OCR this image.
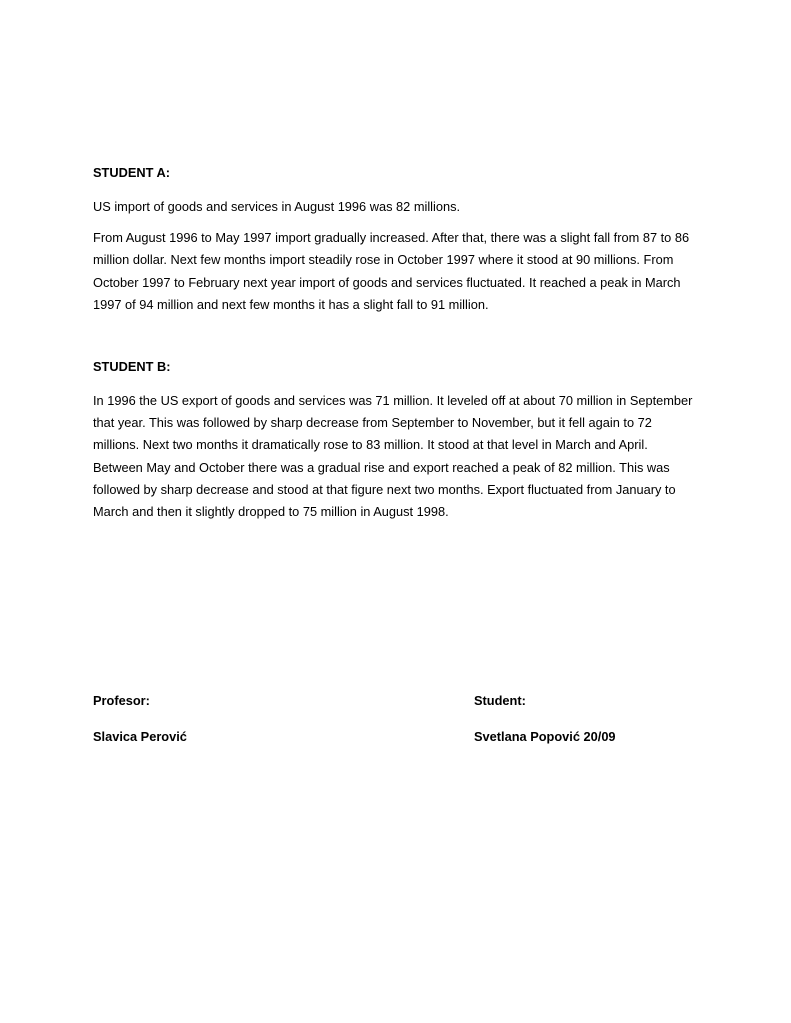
STUDENT A:

US import of goods and services in August 1996 was 82 millions.

From August 1996 to May 1997 import gradually increased. After that, there was a slight fall from 87 to 86 million dollar. Next few months import steadily rose in October 1997 where it stood at 90 millions. From October 1997 to February next year import of goods and services fluctuated. It reached a peak in March 1997 of 94 million and next few months it has a slight fall to 91 million.

STUDENT B:

In 1996 the US export of goods and services was 71 million. It leveled off at about 70 million in September that year. This was followed by sharp decrease from September to November, but it fell again to 72 millions. Next two months it dramatically rose to 83 million. It stood at that level in March and April. Between May and October there was a gradual rise and export reached a peak of 82 million. This was followed by sharp decrease and stood at that figure next two months. Export fluctuated from January to March and then it slightly dropped to 75 million in August 1998.

Profesor:

Slavica Perović

Student:

Svetlana Popović 20/09
